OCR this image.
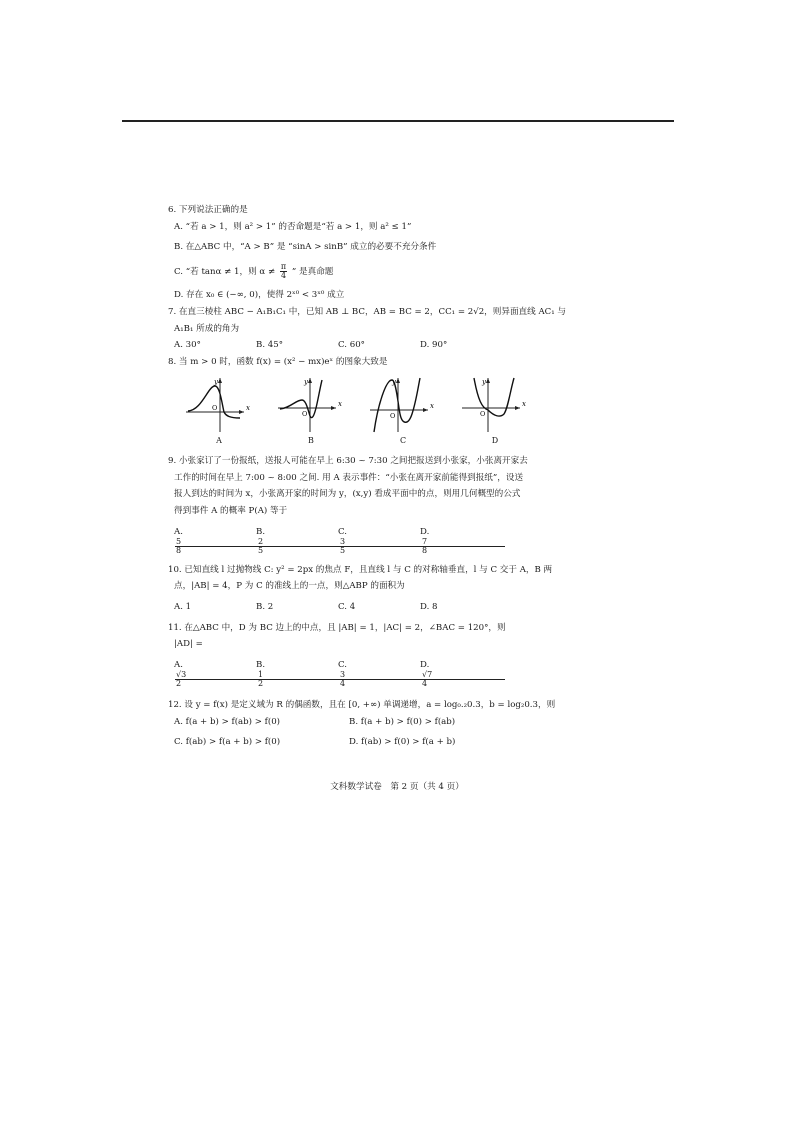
6. 下列说法正确的是

A. “若 a > 1，则 a² > 1” 的否命题是“若 a > 1，则 a² ≤ 1”

B. 在△ABC 中，“A > B” 是 “sinA > sinB” 成立的必要不充分条件

C. “若 tanα ≠ 1，则 $\alpha \ne \frac{\pi}{4}$ ” 是真命题

D. 存在 x₀ ∈ (−∞, 0)，使得 2ˣ⁰ < 3ˣ⁰ 成立

7. 在直三棱柱 ABC − A₁B₁C₁ 中，已知 AB ⊥ BC，AB = BC = 2，CC₁ = 2√2，则异面直线 AC₁ 与

A₁B₁ 所成的角为

A. 30°	B. 45°	C. 60°	D. 90°

8. 当 m > 0 时，函数 f(x) = (x² − mx)eˣ 的图象大致是

y
x
O
A
y
x
O
B
y
x
O
C
y
x
O
D

9. 小张家订了一份报纸，送报人可能在早上 6:30 ~ 7:30 之间把报送到小张家，小张离开家去

工作的时间在早上 7:00 ~ 8:00 之间. 用 A 表示事件：“小张在离开家前能得到报纸”，设送

报人到达的时间为 x，小张离开家的时间为 y，(x,y) 看成平面中的点，则用几何概型的公式

得到事件 A 的概率 P(A) 等于

A.
$\frac{5}{8}$
B.
$\frac{2}{5}$
C.
$\frac{3}{5}$
D.
$\frac{7}{8}$

10. 已知直线 l 过抛物线 C: y² = 2px 的焦点 F，且直线 l 与 C 的对称轴垂直，l 与 C 交于 A，B 两

点，|AB| = 4，P 为 C 的准线上的一点，则△ABP 的面积为

A. 1	B. 2	C. 4	D. 8

11. 在△ABC 中，D 为 BC 边上的中点，且 |AB| = 1，|AC| = 2，∠BAC = 120°，则

|AD| =

A.
$\frac{√3}{2}$
B.
$\frac{1}{2}$
C.
$\frac{3}{4}$
D.
$\frac{√7}{4}$

12. 设 y = f(x) 是定义域为 R 的偶函数，且在 [0, +∞) 单调递增，a = log₀.₂0.3，b = log₂0.3，则

A. f(a + b) > f(ab) > f(0)	B. f(a + b) > f(0) > f(ab)
C. f(ab) > f(a + b) > f(0)	D. f(ab) > f(0) > f(a + b)
文科数学试卷　第 2 页（共 4 页）
